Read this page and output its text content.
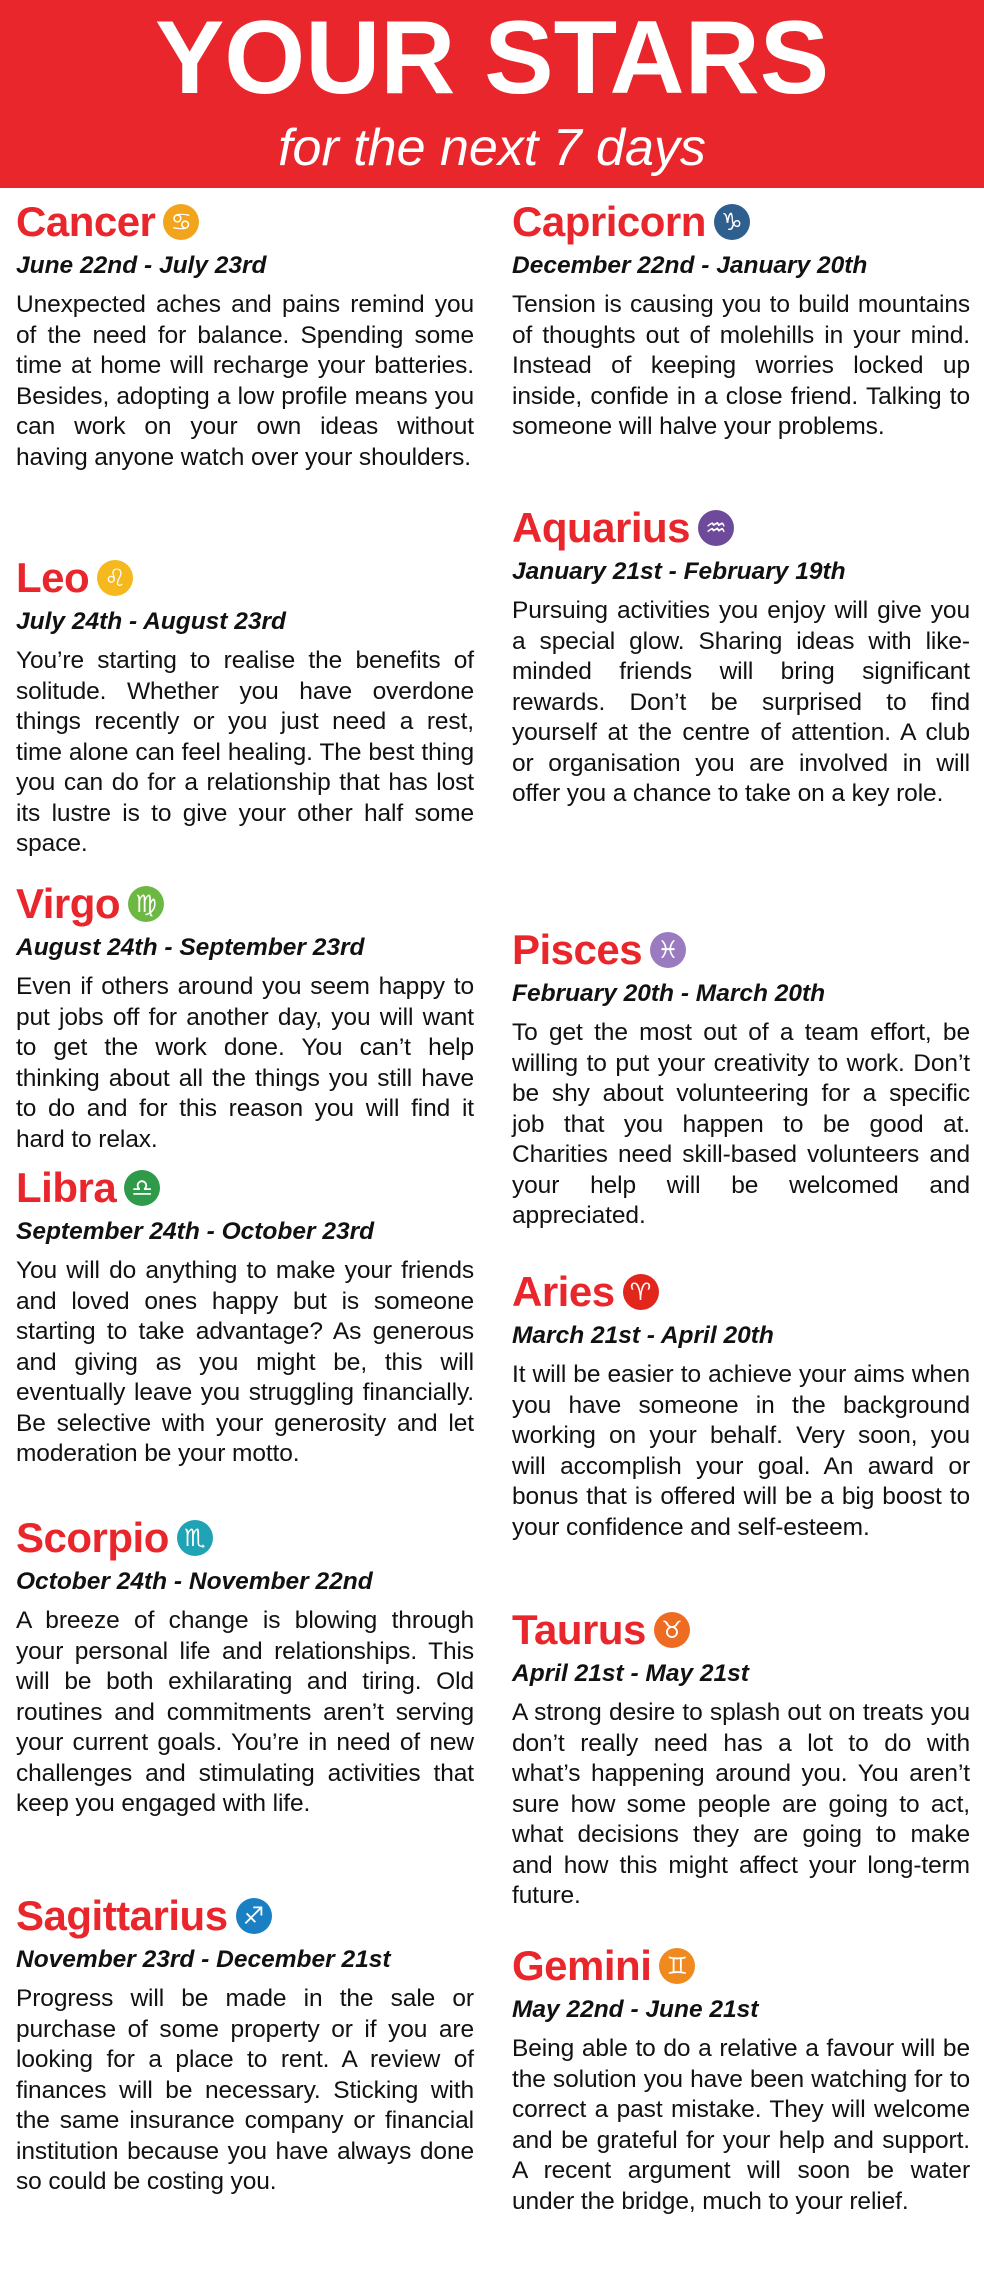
YOUR STARS
for the next 7 days
Cancer ♋
June 22nd - July 23rd
Unexpected aches and pains remind you of the need for balance. Spending some time at home will recharge your batteries. Besides, adopting a low profile means you can work on your own ideas without having anyone watch over your shoulders.
Leo ♌
July 24th - August 23rd
You’re starting to realise the benefits of solitude. Whether you have overdone things recently or you just need a rest, time alone can feel healing. The best thing you can do for a relationship that has lost its lustre is to give your other half some space.
Virgo ♍
August 24th - September 23rd
Even if others around you seem happy to put jobs off for another day, you will want to get the work done. You can’t help thinking about all the things you still have to do and for this reason you will find it hard to relax.
Libra ♎
September 24th - October 23rd
You will do anything to make your friends and loved ones happy but is someone starting to take advantage? As generous and giving as you might be, this will eventually leave you struggling financially. Be selective with your generosity and let moderation be your motto.
Scorpio ♏
October 24th - November 22nd
A breeze of change is blowing through your personal life and relationships. This will be both exhilarating and tiring. Old routines and commitments aren’t serving your current goals. You’re in need of new challenges and stimulating activities that keep you engaged with life.
Sagittarius ♐
November 23rd - December 21st
Progress will be made in the sale or purchase of some property or if you are looking for a place to rent. A review of finances will be necessary. Sticking with the same insurance company or financial institution because you have always done so could be costing you.
Capricorn ♑
December 22nd - January 20th
Tension is causing you to build mountains of thoughts out of molehills in your mind. Instead of keeping worries locked up inside, confide in a close friend. Talking to someone will halve your problems.
Aquarius ♒
January 21st - February 19th
Pursuing activities you enjoy will give you a special glow. Sharing ideas with like-minded friends will bring significant rewards. Don’t be surprised to find yourself at the centre of attention. A club or organisation you are involved in will offer you a chance to take on a key role.
Pisces ♓
February 20th - March 20th
To get the most out of a team effort, be willing to put your creativity to work. Don’t be shy about volunteering for a specific job that you happen to be good at. Charities need skill-based volunteers and your help will be welcomed and appreciated.
Aries ♈
March 21st - April 20th
It will be easier to achieve your aims when you have someone in the background working on your behalf. Very soon, you will accomplish your goal. An award or bonus that is offered will be a big boost to your confidence and self-esteem.
Taurus ♉
April 21st - May 21st
A strong desire to splash out on treats you don’t really need has a lot to do with what’s happening around you. You aren’t sure how some people are going to act, what decisions they are going to make and how this might affect your long-term future.
Gemini ♊
May 22nd - June 21st
Being able to do a relative a favour will be the solution you have been watching for to correct a past mistake. They will welcome and be grateful for your help and support. A recent argument will soon be water under the bridge, much to your relief.
